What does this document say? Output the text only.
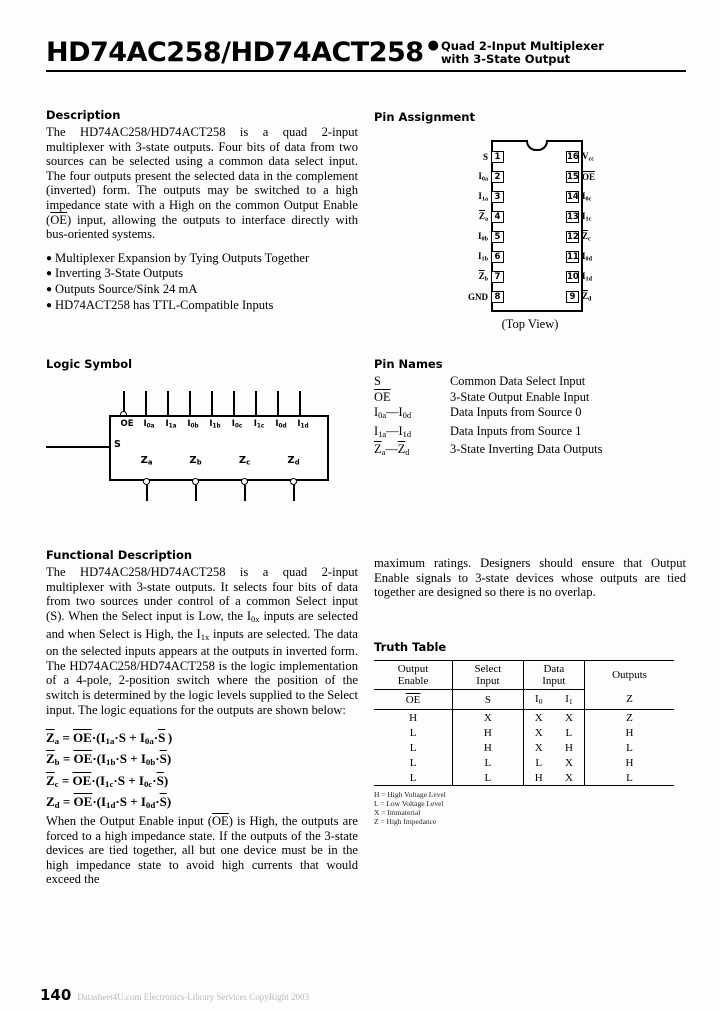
HD74AC258/HD74ACT258 ● Quad 2-Input Multiplexer
with 3-State Output
Description

The HD74AC258/HD74ACT258 is a quad 2-input multiplexer with 3-state outputs. Four bits of data from two sources can be selected using a common data select input. The four outputs present the selected data in the complement (inverted) form. The outputs may be switched to a high impedance state with a High on the common Output Enable $(\overline{OE})$ input, allowing the outputs to interface directly with bus-oriented systems.

● Multiplexer Expansion by Tying Outputs Together
● Inverting 3-State Outputs
● Outputs Source/Sink 24 mA
● HD74ACT258 has TTL-Compatible Inputs
Pin Assignment
S 1
$I_{0a}$ 2
$I_{1a}$ 3
$\overline{Z}_a$ 4
$I_{0b}$ 5
$I_{1b}$ 6
$\overline{Z}_b$ 7
GND 8
16 $V_{cc}$
15 $\overline{OE}$
14 $I_{0c}$
13 $I_{1c}$
12 $\overline{Z}_c$
11 $I_{0d}$
10 $I_{1d}$
9 $\overline{Z}_d$
(Top View)
Logic Symbol
OE	$I_{0a}$	$I_{1a}$	$I_{0b}$	$I_{1b}$	$I_{0c}$	$I_{1c}$	$I_{0d}$	$I_{1d}$
S
$Z_a$	$Z_b$	$Z_c$	$Z_d$
Pin Names
S	Common Data Select Input
$\overline{OE}$	3-State Output Enable Input
$I_{0a}—I_{0d}$	Data Inputs from Source 0
$I_{1a}—I_{1d}$	Data Inputs from Source 1
$\overline{Z}_a—\overline{Z}_d$	3-State Inverting Data Outputs
Functional Description

The HD74AC258/HD74ACT258 is a quad 2-input multiplexer with 3-state outputs. It selects four bits of data from two sources under control of a common Select input (S). When the Select input is Low, the $I_{0x}$ inputs are selected and when Select is High, the $I_{1x}$ inputs are selected. The data on the selected inputs appears at the outputs in inverted form. The HD74AC258/HD74ACT258 is the logic implementation of a 4-pole, 2-position switch where the position of the switch is determined by the logic levels supplied to the Select input. The logic equations for the outputs are shown below:

$\overline{Z}_a = \overline{OE}\cdot(I_{1a}\cdot S + I_{0a}\cdot\overline{S}$ )
$\overline{Z}_b = \overline{OE}\cdot(I_{1b}\cdot S + I_{0b}\cdot\overline{S})$
$\overline{Z}_c = \overline{OE}\cdot(I_{1c}\cdot S + I_{0c}\cdot\overline{S})$
$Z_d = \overline{OE}\cdot(I_{1d}\cdot S + I_{0d}\cdot\overline{S})$

When the Output Enable input $(\overline{OE})$ is High, the outputs are forced to a high impedance state. If the outputs of the 3-state devices are tied together, all but one device must be in the high impedance state to avoid high currents that would exceed the

maximum ratings. Designers should ensure that Output Enable signals to 3-state devices whose outputs are tied together are designed so there is no overlap.

Truth Table
Output
Enable	Select
Input	Data
Input		Outputs
$\overline{OE}$	S	$I_0$	$I_1$	Z
H	X	X	X	Z
L	H	X	L	H
L	H	X	H	L
L	L	L	X	H
L	L	H	X	L
H = High Voltage Level
L = Low Voltage Level
X = Immaterial
Z = High Impedance
140 Datasheet4U.com Electronics-Library Services CopyRight 2003
